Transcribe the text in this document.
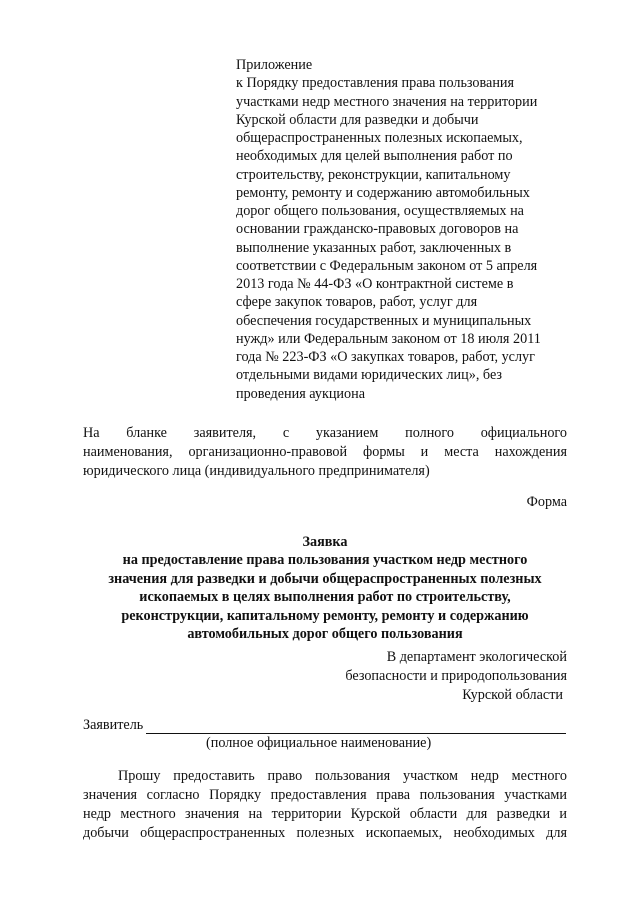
Приложение
к Порядку предоставления права пользования
участками недр местного значения на территории
Курской области для разведки и добычи
общераспространенных полезных ископаемых,
необходимых для целей выполнения работ по
строительству, реконструкции, капитальному
ремонту, ремонту и содержанию автомобильных
дорог общего пользования, осуществляемых на
основании гражданско-правовых договоров на
выполнение указанных работ, заключенных в
соответствии с Федеральным законом от 5 апреля
2013 года № 44-ФЗ «О контрактной системе в
сфере закупок товаров, работ, услуг для
обеспечения государственных и муниципальных
нужд» или Федеральным законом от 18 июля 2011
года № 223-ФЗ «О закупках товаров, работ, услуг
отдельными видами юридических лиц», без
проведения аукциона
На бланке заявителя, с указанием полного официального
наименования, организационно-правовой формы и места нахождения
юридического лица (индивидуального предпринимателя)
Форма
Заявка
на предоставление права пользования участком недр местного
значения для разведки и добычи общераспространенных полезных
ископаемых в целях выполнения работ по строительству,
реконструкции, капитальному ремонту, ремонту и содержанию
автомобильных дорог общего пользования
В департамент экологической
безопасности и природопользования
Курской области
Заявитель
(полное официальное наименование)
Прошу предоставить право пользования участком недр местного
значения согласно Порядку предоставления права пользования участками
недр местного значения на территории Курской области для разведки и
добычи общераспространенных полезных ископаемых, необходимых для
